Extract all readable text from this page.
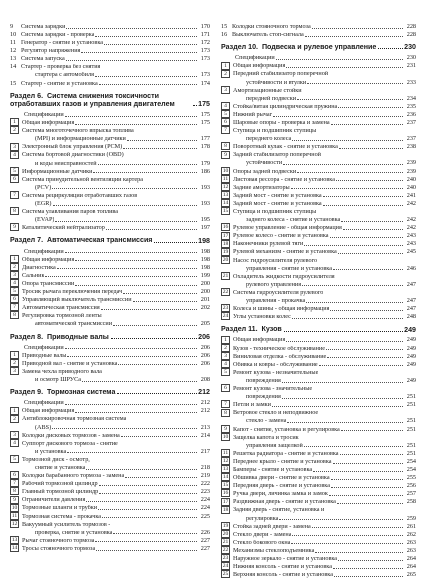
9	Система зарядки	170
10 Система зарядки - проверка	171
11 Генератор - снятие и установка	172
12 Регулятор напряжения	173
13 Система запуска	173
14 Стартер - проверка без снятия
стартера с автомобиля	173
15 Стартер - снятие и установка	174
Раздел 6. Система снижения токсичности отработавших газов и управления двигателем	175
Спецификации	175
1 Общая информация	175
2 Система многоточечного впрыска топлива
(MPI) и информационные датчики	177
3 Электронный блок управления (PCM)	178
4 Система бортовой диагностики (OBD)
и коды неисправностей	179
5 Информационные датчики	186
6 Система принудительной вентиляции картера
(PCV)	193
7 Система рециркуляции отработавших газов
(EGR)	193
8 Система улавливания паров топлива
(EVAP)	195
9 Каталитический нейтрализатор	197
Раздел 7. Автоматическая трансмиссия	198
Спецификации	198
1 Общая информация	198
2 Диагностика	198
3 Сальник	199
4 Опора трансмиссии	200
5 Тросик рычага переключения передач	200
6 Управляющий выключатель трансмиссии	201
7 Автоматическая трансмиссия	202
8 Регулировка тормозной ленты
автоматической трансмиссии	205
Раздел 8. Приводные валы	206
Спецификации	206
1 Приводные валы	206
2 Приводной вал - снятие и установка	206
3 Замена чехла приводного вала
и осмотр ШРУСа	208
Раздел 9. Тормозная система	212
Спецификации	212
1 Общая информация	212
2 Антиблокировочная тормозная система
(ABS)	213
3 Колодки дисковых тормозов - замена	214
4 Суппорт дискового тормоза - снятие
и установка	217
5 Тормозной диск - осмотр,
снятие и установка	218
6 Колодки барабанного тормоза - замена	219
7 Рабочий тормозной цилиндр	222
8 Главный тормозной цилиндр	223
9 Ограничители давления	224
10 Тормозные шланги и трубки	224
11 Тормозная система - прокачка	225
12 Вакуумный усилитель тормозов -
проверка, снятие и установка	226
13 Рычаг стояночного тормоза	227
14 Тросы стояночного тормоза	227
15 Колодки стояночного тормоза	228
16 Выключатель стоп-сигнала	228
Раздел 10. Подвеска и рулевое управление	230
Спецификации	230
1 Общая информация	231
2 Передний стабилизатор поперечной
устойчивости и втулки	233
3 Амортизационные стойки
передней подвески	234
4 Стойка/витая цилиндрическая пружина	235
5 Нижний рычаг	236
6 Шаровые опоры - проверка и замена	237
7 Ступица и подшипник ступицы
переднего колеса	237
8 Поворотный кулак - снятие и установка	238
9 Задний стабилизатор поперечной
устойчивости	239
10 Опоры задней подвески	239
11 Листовая рессора - снятие и установка	240
12 Задние амортизаторы	240
13 Задний мост - снятие и установка	241
14 Задний мост - снятие и установка	242
15 Ступица и подшипник ступицы
заднего колеса - снятие и установка	242
16 Рулевое управление - общая информация	242
17 Рулевое колесо - снятие и установка	243
18 Наконечники рулевой тяги	243
19 Рулевой механизм - снятие и установка	245
20 Насос гидроусилителя рулевого
управления - снятие и установка	246
21 Охладитель жидкости гидроусилителя
рулевого управления	247
22 Система гидроусилителя рулевого
управления - прокачка	247
23 Колеса и шины - общая информация	247
24 Углы установки колес	248
Раздел 11. Кузов	249
1 Общая информация	249
2 Кузов - техническое обслуживание	249
3 Виниловая отделка - обслуживание	249
4 Обивка и ковры - обслуживание	249
5 Ремонт кузова - незначительные
повреждения	249
6 Ремонт кузова - значительные
повреждения	251
7 Петли и замки	251
8 Ветровое стекло и неподвижное
стекло - замена	251
9 Капот - снятие, установка и регулировка	251
10 Защелка капота и тросик
управления защелкой	251
11 Решетка радиатора - снятие и установка	251
12 Переднее крыло - снятие и установка	254
13 Бамперы - снятие и установка	254
14 Обшивка двери - снятие и установка	255
15 Передняя дверь - снятие и установка	256
16 Ручка двери, личинка замка и замок	257
17 Раздвижная дверь - снятие и установка	258
18 Задняя дверь - снятие, установка и
регулировка	259
19 Стойка задней двери - замена	261
20 Стекло двери - замена	262
21 Стекло бокового окна	263
22 Механизмы стеклоподъемника	263
23 Наружное зеркало - снятие и установка	264
24 Нижняя консоль - снятие и установка	264
25 Верхняя консоль - снятие и установка	265
